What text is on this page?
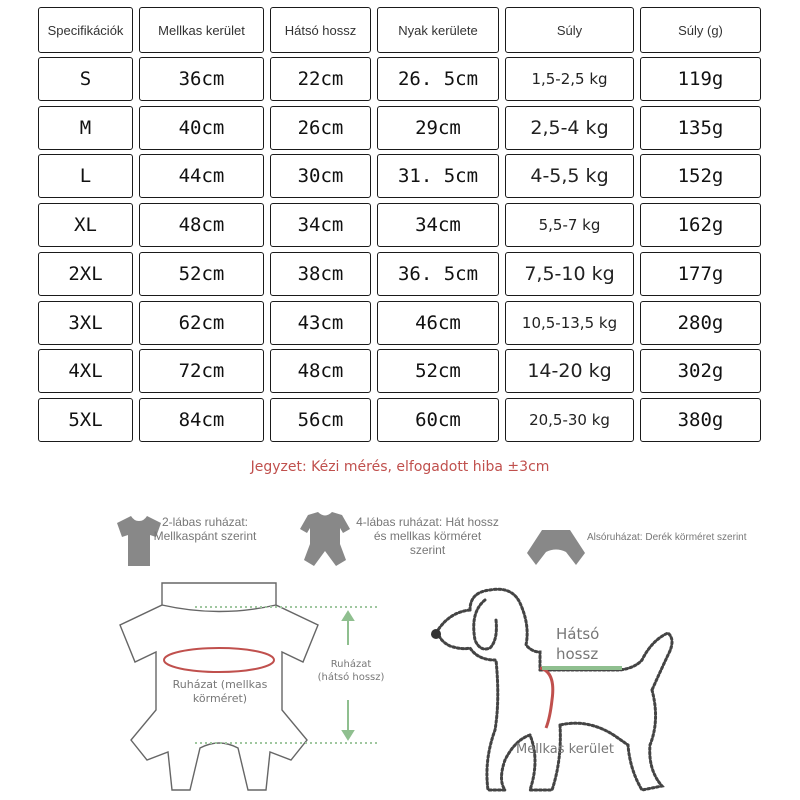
Specifikációk	Mellkas kerület	Hátsó hossz	Nyak kerülete	Súly	Súly (g)
S	36cm	22cm	26. 5cm	1,5-2,5 kg	119g
M	40cm	26cm	29cm	2,5-4 kg	135g
L	44cm	30cm	31. 5cm	4-5,5 kg	152g
XL	48cm	34cm	34cm	5,5-7 kg	162g
2XL	52cm	38cm	36. 5cm	7,5-10 kg	177g
3XL	62cm	43cm	46cm	10,5-13,5 kg	280g
4XL	72cm	48cm	52cm	14-20 kg	302g
5XL	84cm	56cm	60cm	20,5-30 kg	380g
Jegyzet: Kézi mérés, elfogadott hiba ±3cm
2-lábas ruházat: Mellkaspánt szerint
4-lábas ruházat: Hát hossz és mellkas körméret szerint
Alsóruházat: Derék körméret szerint
Ruházat (mellkas körméret)
Ruházat (hátsó hossz)
Hátsó hossz
Mellkas kerület
